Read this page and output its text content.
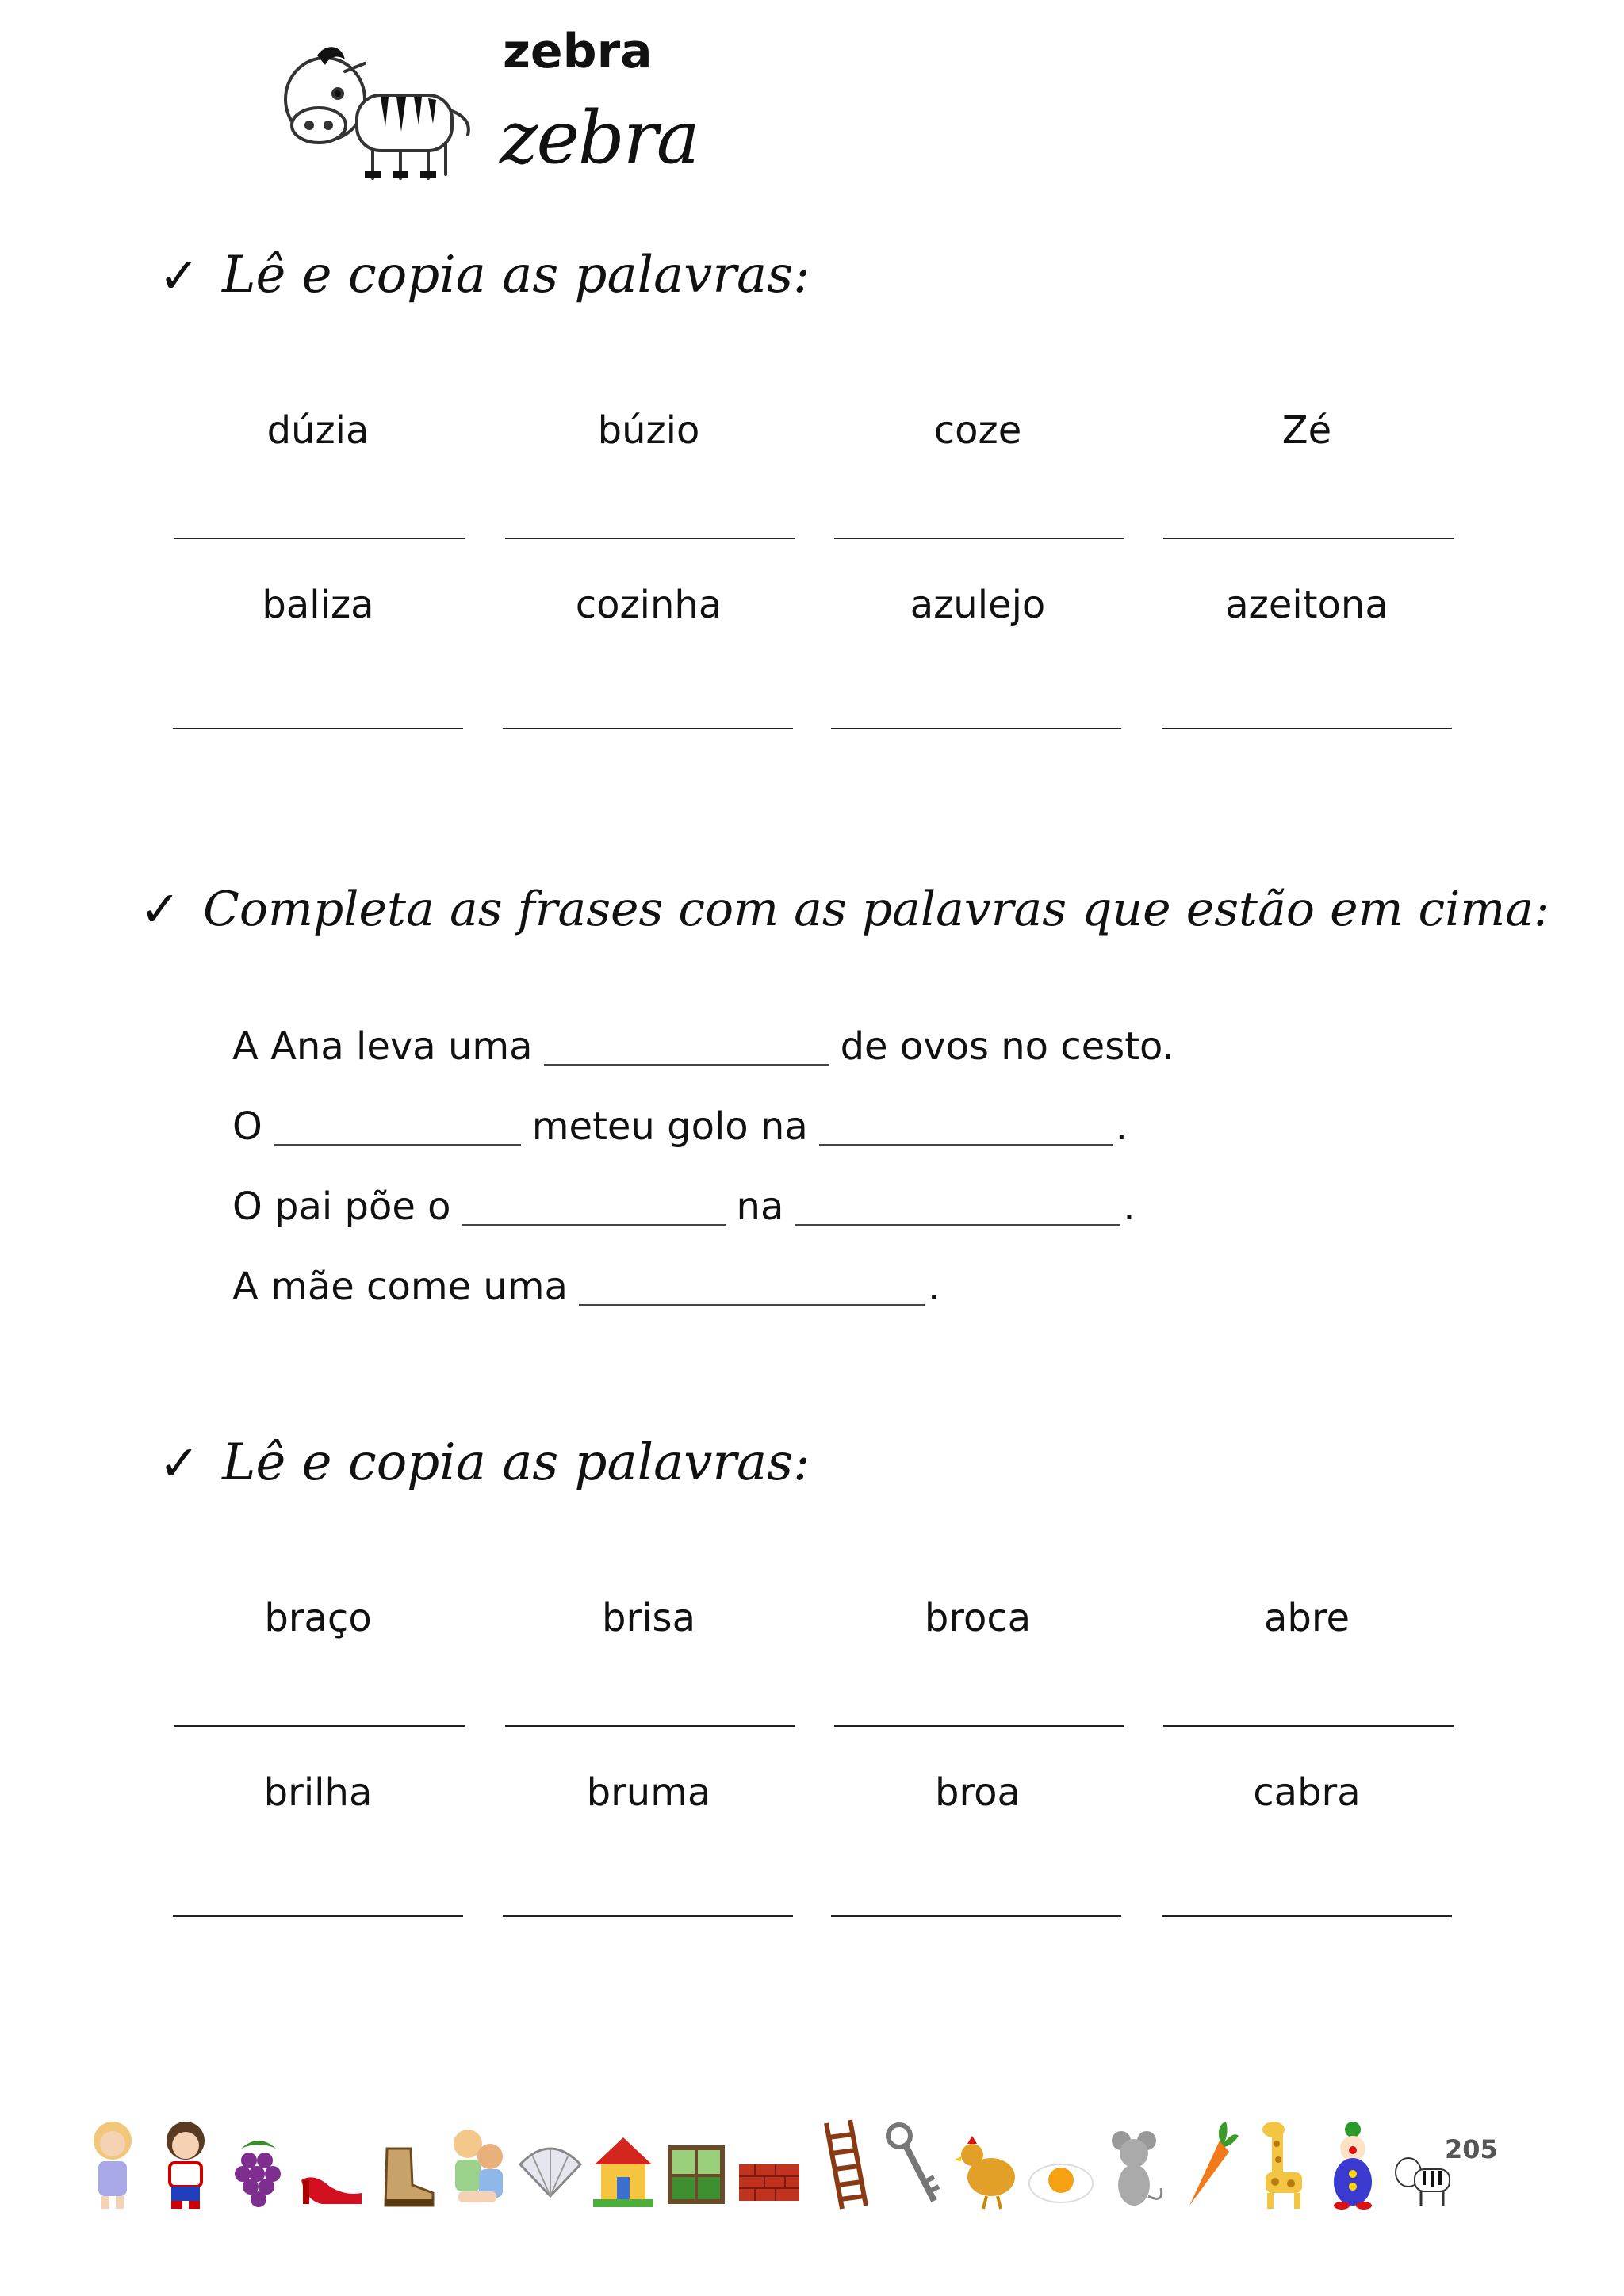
zebra
zebra
✓ Lê e copia as palavras:
dúzia	búzio	coze	Zé
baliza	cozinha	azulejo	azeitona
✓ Completa as frases com as palavras que estão em cima:
A Ana leva uma	de ovos no cesto.
O	meteu golo na	.
O pai põe o	na	.
A mãe come uma	.
✓ Lê e copia as palavras:
braço	brisa	broca	abre
brilha	bruma	broa	cabra
205
